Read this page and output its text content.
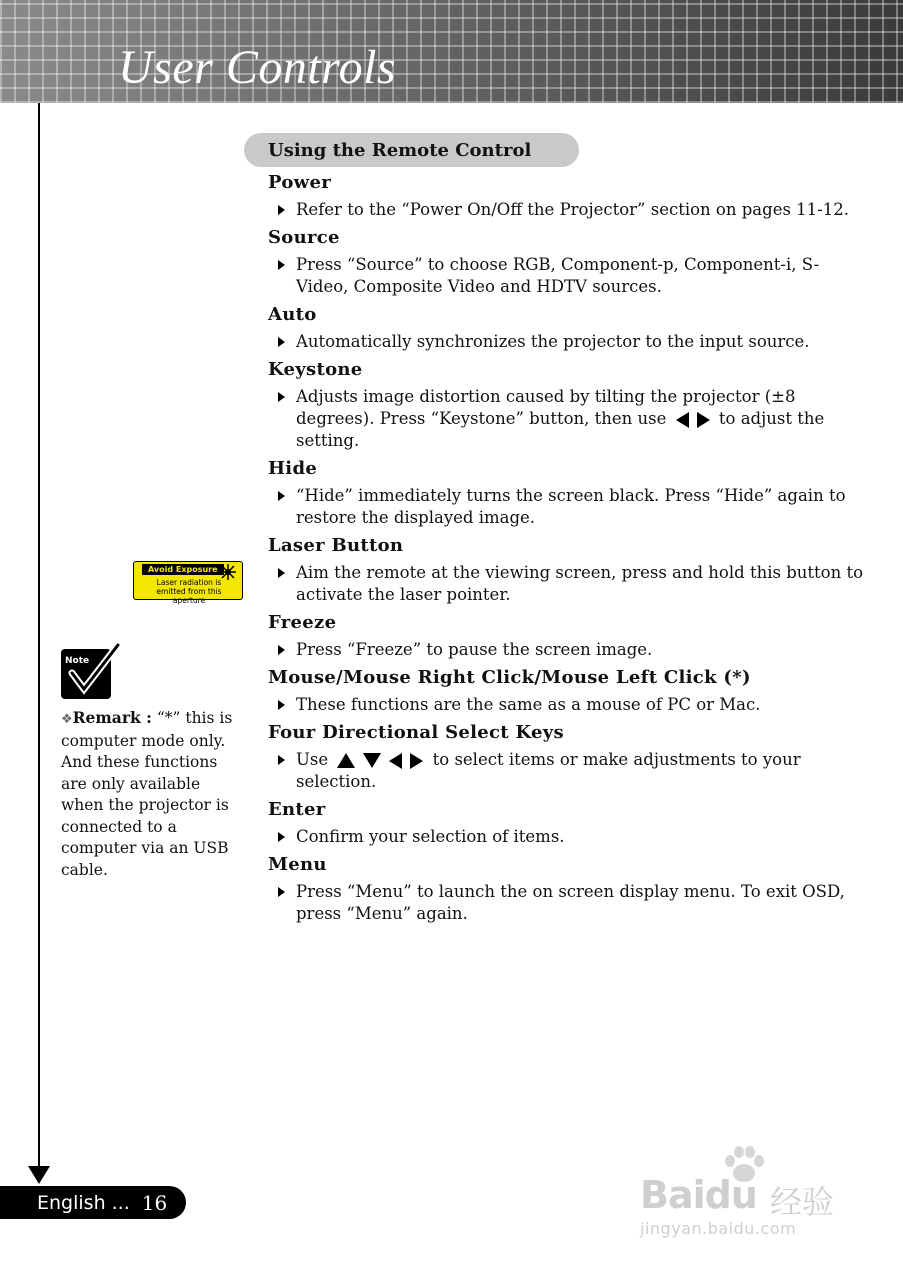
User Controls
Using the Remote Control

Power

Refer to the “Power On/Off the Projector” section on pages 11-12.

Source

Press “Source” to choose RGB, Component-p, Component-i, S-Video, Composite Video and HDTV sources.

Auto

Automatically synchronizes the projector to the input source.

Keystone

Adjusts image distortion caused by tilting the projector (±8 degrees). Press “Keystone” button, then use	to adjust the setting.

Hide

“Hide” immediately turns the screen black. Press “Hide” again to restore the displayed image.

Laser Button

Aim the remote at the viewing screen, press and hold this button to activate the laser pointer.

Freeze

Press “Freeze” to pause the screen image.

Mouse/Mouse Right Click/Mouse Left Click (*)

These functions are the same as a mouse of PC or Mac.

Four Directional Select Keys

Use	to select items or make adjustments to your selection.

Enter

Confirm your selection of items.

Menu

Press “Menu” to launch the on screen display menu. To exit OSD, press “Menu” again.
Avoid Exposure
Laser radiation is
emitted from this aperture
Note
❖Remark : “*” this is computer mode only. And these functions are only available when the projector is connected to a computer via an USB cable.
English ... 16	Baidu 经验
jingyan.baidu.com
